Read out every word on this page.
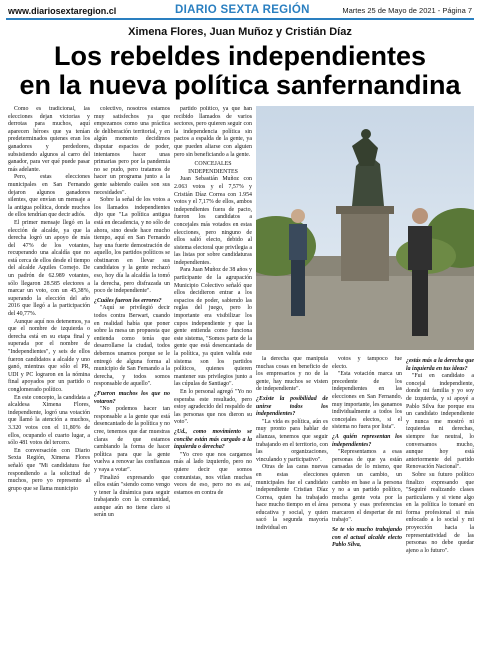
www.diariosextaregion.cl	DIARIO SEXTA REGIÓN	Martes 25 de Mayo de 2021 - Página 7
Ximena Flores, Juan Muñoz y Cristián Díaz
Los rebeldes independientes
en la nueva política sanfernandina

Como es tradicional, las elecciones dejan victorias y derrotas para muchos, aquí aparecen héroes que ya tenían predeterminados quienes eran los ganadores y perdedores, subsistiendo algunos al carro del ganador, para ver qué puede pasar más adelante.

Pero, estas elecciones municipales en San Fernando dejaron algunos ganadores silentes, que envían un mensaje a la antigua política, donde muchos de ellos tendrían que decir adiós.

El primer mensaje llegó en la elección de alcalde, ya que la derecha logró un apoyo de más del 47% de los votantes, recuperando una alcaldía que no está cerca de ellos desde el tiempo del alcalde Aquiles Cornejo. De un padrón de 62.989 votantes, sólo llegaron 28.585 electores a marcar un voto, con un 45,38%, superando la elección del año 2016 que llegó a la participación del 40,77%.

Aunque aquí nos detenemos, ya que el nombre de izquierda o derecha está en su etapa final y superada por el nombre de "Independientes", y seis de ellos fueron candidatos a alcalde y uno ganó, mientras que sólo el PR, UDI y PC lograron en la nómina final apoyados por un partido o conglomerado político.

En este concepto, la candidata a alcaldesa Ximena Flores, independiente, logró una votación que llamó la atención a muchos, 3.320 votos con el 11,80% de ellos, ocupando el cuarto lugar, a sólo 481 votos del tercero.

En conversación con Diario Sexta Región, Ximena Flores señaló que "Mi candidatura fue respondiendo a la solicitud de muchos, pero yo represento al grupo que se llama municipio

colectivo, nosotros estamos muy satisfechos ya que empezamos como una práctica de deliberación territorial, y en algún momento decidimos disputar espacios de poder, intentamos hacer unas primarias pero por la pandemia no se pudo, pero tratamos de hacer un programa junto a la gente sabiendo cuáles son sus necesidades".

Sobre la señal de los votos a los llamados independientes dijo que "La política antigua está en decadencia, y no sólo de ahora, sino desde hace mucho tiempo, aquí en San Fernando hay una fuerte demostración de aquello, los partidos políticos se obstinaron en llevar sus candidatos y la gente rechazó eso, hoy día la alcaldía la tomó la derecha, pero disfrazada un poco de independiente".

¿Cuáles fueron los errores?

"Aquí se privilegió decir todos contra Berwart, cuando en realidad había que poner sobre la mesa un propuesta que entienda como tenía que desarrollarse la ciudad, todos debemos unamos porque se le entregó de alguna forma al municipio de San Fernando a la derecha, y todos somos responsable de aquello".

¿Fueron muchos los que no votaron?

"No podemos hacer tan responsable a la gente que está desencantado de la política y no cree, tenemos que dar muestras claras de que estamos cambiando la forma de hacer política para que la gente vuelva a renovar las confianzas y vaya a votar".

Finalizó expresando que ellos están "siendo como vengo y tener la dinámica para seguir trabajando con la comunidad, aunque aún no tiene claro si serán un

partido político, ya que han recibido llamados de varios sectores, pero quieren seguir con la independencia política sin pactos a espalda de la gente, ya que pueden aliarse con alguien pero sin beneficiando a la gente.

CONCEJALES INDEPENDIENTES

Juan Sebastián Muñoz con 2.063 votos y el 7,57% y Cristián Díaz Correa con 1.954 votos y el 7,17% de ellos, ambos independientes fuera de pacto, fueron los candidatos a concejales más votados en estas elecciones, pero ninguno de ellos salió electo, debido al sistema electoral que privilegia a las listas por sobre candidaturas independientes.

Para Juan Muñoz de 38 años y participante de la agrupación Municipio Colectivo señaló que ellos decidieron entrar a los espacios de poder, sabiendo las reglas del juego, pero lo importante era visibilizar los cupos independiente y que la gente entienda como funciona este sistema, "Somos parte de la gente que está desencantada de la política, ya quien valida este sistema son los partidos políticos, quienes quieren mantener sus privilegios junto a las cúpulas de Santiago".

En lo personal agregó "Yo no esperaba este resultado, pero estoy agradecido del respaldo de las personas que nos dieron su voto".

¿Ud., como movimiento se concibe están más cargado a la izquierda o derecha?

"Yo creo que nos cargamos más al lado izquierdo, pero no quiere decir que somos comunistas, nos vitlan muchas veces de eso, pero no es así, estamos en contra de

la derecha que manipula muchas cosas en beneficio de los empresarios y no de la gente, hay muchos se visten de independiente".

¿Existe la posibilidad de unirse todos los independientes?

"La vida es política, aún es muy pronto para hablar de alianzas, tenemos que seguir trabajando en el territorio, con las organizaciones, vinculando y participativo".

Otras de las caras nuevas en estas elecciones municipales fue el candidato independiente Cristian Díaz Correa, quien ha trabajado hace mucho tiempo en el área educativa y social, y quien sacó la segunda mayoría individual en

votos y tampoco fue electo.

"Esta votación marca un precedente de los independientes en las elecciones en San Fernando, muy importante, les ganamos individualmente a todos los concejales electos, si el sistema no fuera por lista".

¿A quién representan los independientes?

"Representamos a esas personas de que ya están cansadas de lo mismo, que quieren un cambio, un cambio en base a la persona y no a un partido político, mucha gente vota por la persona y esas preferencias marcaron el despertar de mi trabajo".

Se te vio mucho trabajando con el actual alcalde electo Pablo Silva,

¿estás más a la derecha que la izquierda en tus ideas?

"Fui en candidato a concejal independiente, donde mi familia y yo soy de izquierda, y si apoyé a Pablo Silva fue porque era un candidato independiente y nunca me mostró ni izquierdas ni derechas, siempre fue neutral, lo conversamos mucho, aunque hoy está anteriormente del partido Renovación Nacional".

Sobre su futuro político finalizo expresando que "Seguiré realizando clases particulares y si viene algo en la política lo tomaré en forma profesional si más enfocado a lo social y mi proyección hacia la representatividad de las personas no debe quedar ajeno a lo futuro".
